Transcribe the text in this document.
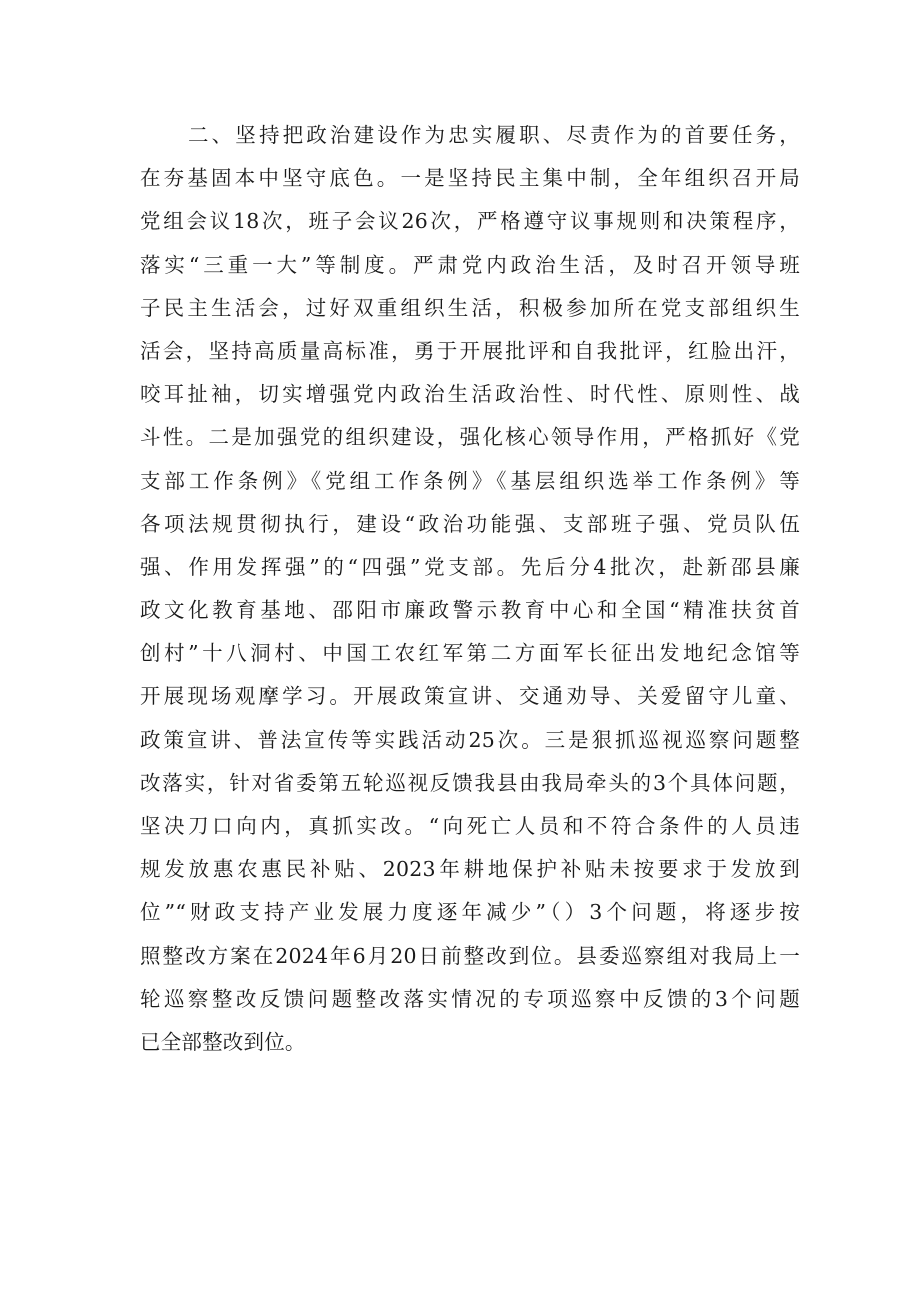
二、坚持把政治建设作为忠实履职、尽责作为的首要任务，
在夯基固本中坚守底色。一是坚持民主集中制，全年组织召开局
党组会议18次，班子会议26次，严格遵守议事规则和决策程序，
落实“三重一大”等制度。严肃党内政治生活，及时召开领导班
子民主生活会，过好双重组织生活，积极参加所在党支部组织生
活会，坚持高质量高标准，勇于开展批评和自我批评，红脸出汗，
咬耳扯袖，切实增强党内政治生活政治性、时代性、原则性、战
斗性。二是加强党的组织建设，强化核心领导作用，严格抓好《党
支部工作条例》《党组工作条例》《基层组织选举工作条例》等
各项法规贯彻执行，建设“政治功能强、支部班子强、党员队伍
强、作用发挥强”的“四强”党支部。先后分4批次，赴新邵县廉
政文化教育基地、邵阳市廉政警示教育中心和全国“精准扶贫首
创村”十八洞村、中国工农红军第二方面军长征出发地纪念馆等
开展现场观摩学习。开展政策宣讲、交通劝导、关爱留守儿童、
政策宣讲、普法宣传等实践活动25次。三是狠抓巡视巡察问题整
改落实，针对省委第五轮巡视反馈我县由我局牵头的3个具体问题，
坚决刀口向内，真抓实改。“向死亡人员和不符合条件的人员违
规发放惠农惠民补贴、2023年耕地保护补贴未按要求于发放到
位”“财政支持产业发展力度逐年减少”（）3个问题，将逐步按
照整改方案在2024年6月20日前整改到位。县委巡察组对我局上一
轮巡察整改反馈问题整改落实情况的专项巡察中反馈的3个问题
已全部整改到位。
